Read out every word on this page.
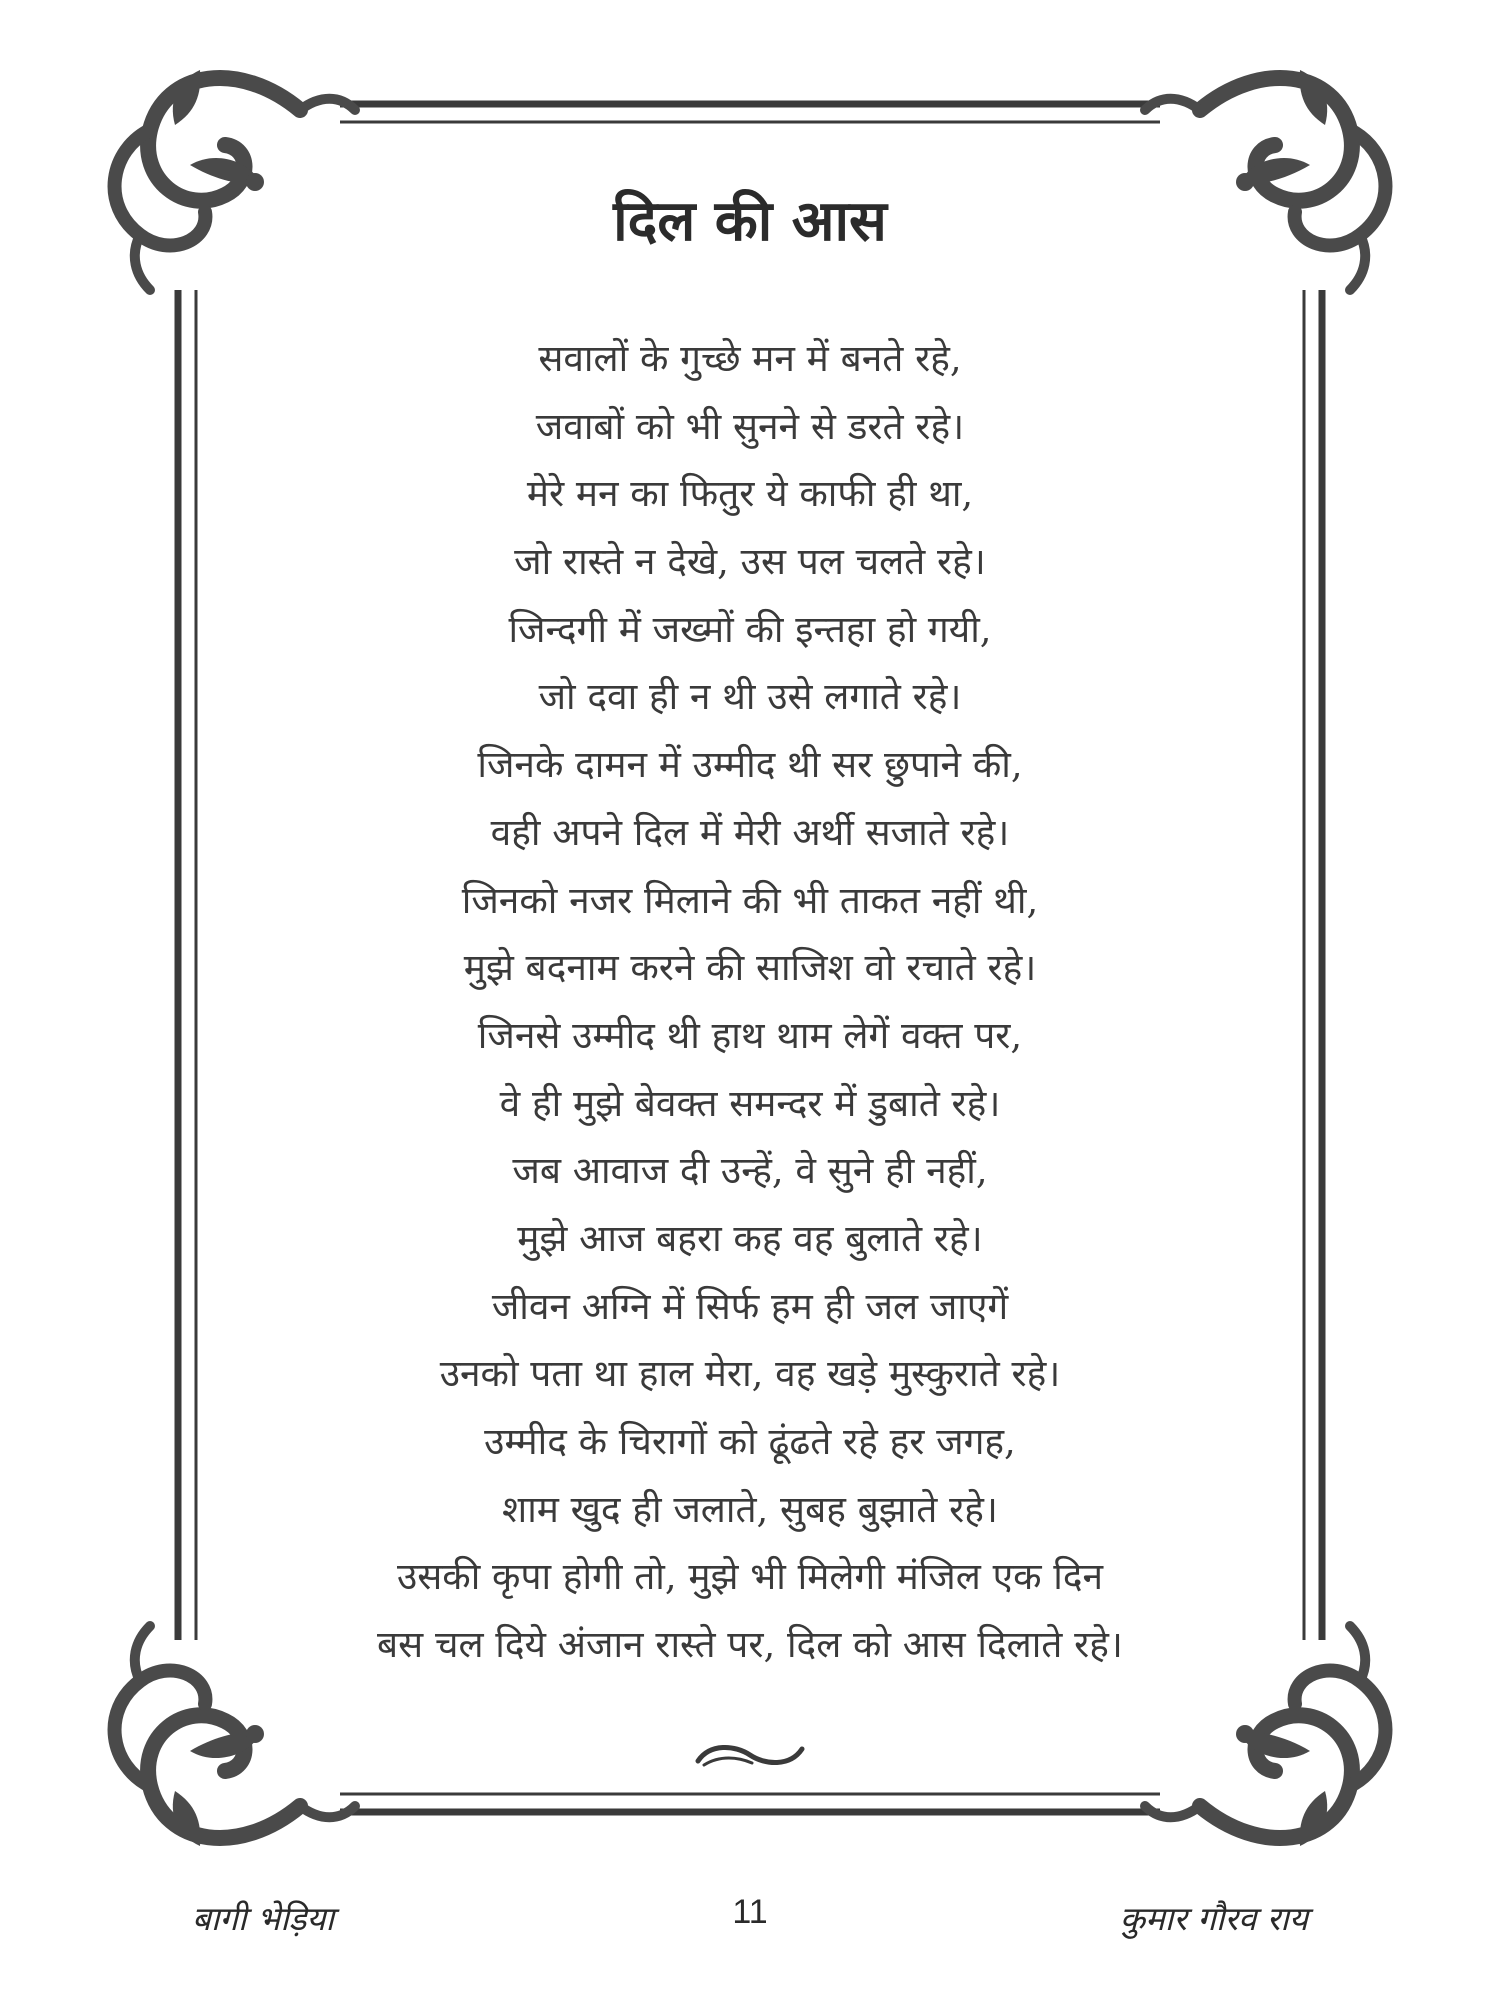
दिल की आस
सवालों के गुच्छे मन में बनते रहे,
जवाबों को भी सुनने से डरते रहे।
मेरे मन का फितुर ये काफी ही था,
जो रास्ते न देखे, उस पल चलते रहे।
जिन्दगी में जख्मों की इन्तहा हो गयी,
जो दवा ही न थी उसे लगाते रहे।
जिनके दामन में उम्मीद थी सर छुपाने की,
वही अपने दिल में मेरी अर्थी सजाते रहे।
जिनको नजर मिलाने की भी ताकत नहीं थी,
मुझे बदनाम करने की साजिश वो रचाते रहे।
जिनसे उम्मीद थी हाथ थाम लेगें वक्त पर,
वे ही मुझे बेवक्त समन्दर में डुबाते रहे।
जब आवाज दी उन्हें, वे सुने ही नहीं,
मुझे आज बहरा कह वह बुलाते रहे।
जीवन अग्नि में सिर्फ हम ही जल जाएगें
उनको पता था हाल मेरा, वह खड़े मुस्कुराते रहे।
उम्मीद के चिरागों को ढूंढते रहे हर जगह,
शाम खुद ही जलाते, सुबह बुझाते रहे।
उसकी कृपा होगी तो, मुझे भी मिलेगी मंजिल एक दिन
बस चल दिये अंजान रास्ते पर, दिल को आस दिलाते रहे।
बागी भेड़िया	11	कुमार गौरव राय
